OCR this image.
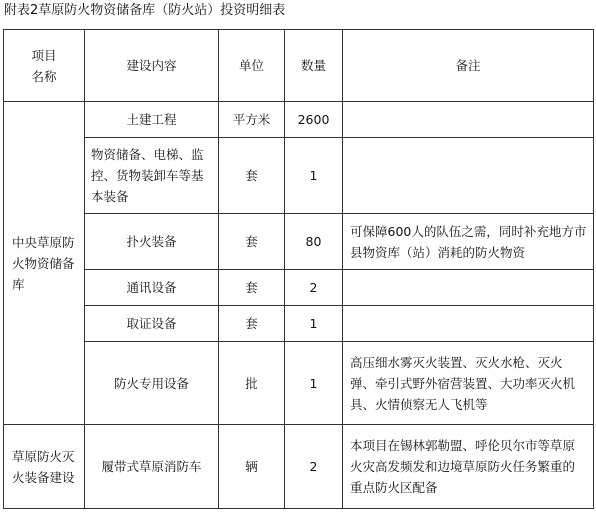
附表2草原防火物资储备库（防火站）投资明细表
项目
名称	建设内容	单位	数量	备注
中央草原防火物资储备库	土建工程	平方米	2600	
	物资储备、电梯、监控、货物装卸车等基本装备	套	1	
	扑火装备	套	80	可保障600人的队伍之需，同时补充地方市县物资库（站）消耗的防火物资
	通讯设备	套	2	
	取证设备	套	1	
	防火专用设备	批	1	高压细水雾灭火装置、灭火水枪、灭火弹、牵引式野外宿营装置、大功率灭火机具、火情侦察无人飞机等
草原防火灭火装备建设	履带式草原消防车	辆	2	本项目在锡林郭勒盟、呼伦贝尔市等草原火灾高发频发和边境草原防火任务繁重的重点防火区配备
